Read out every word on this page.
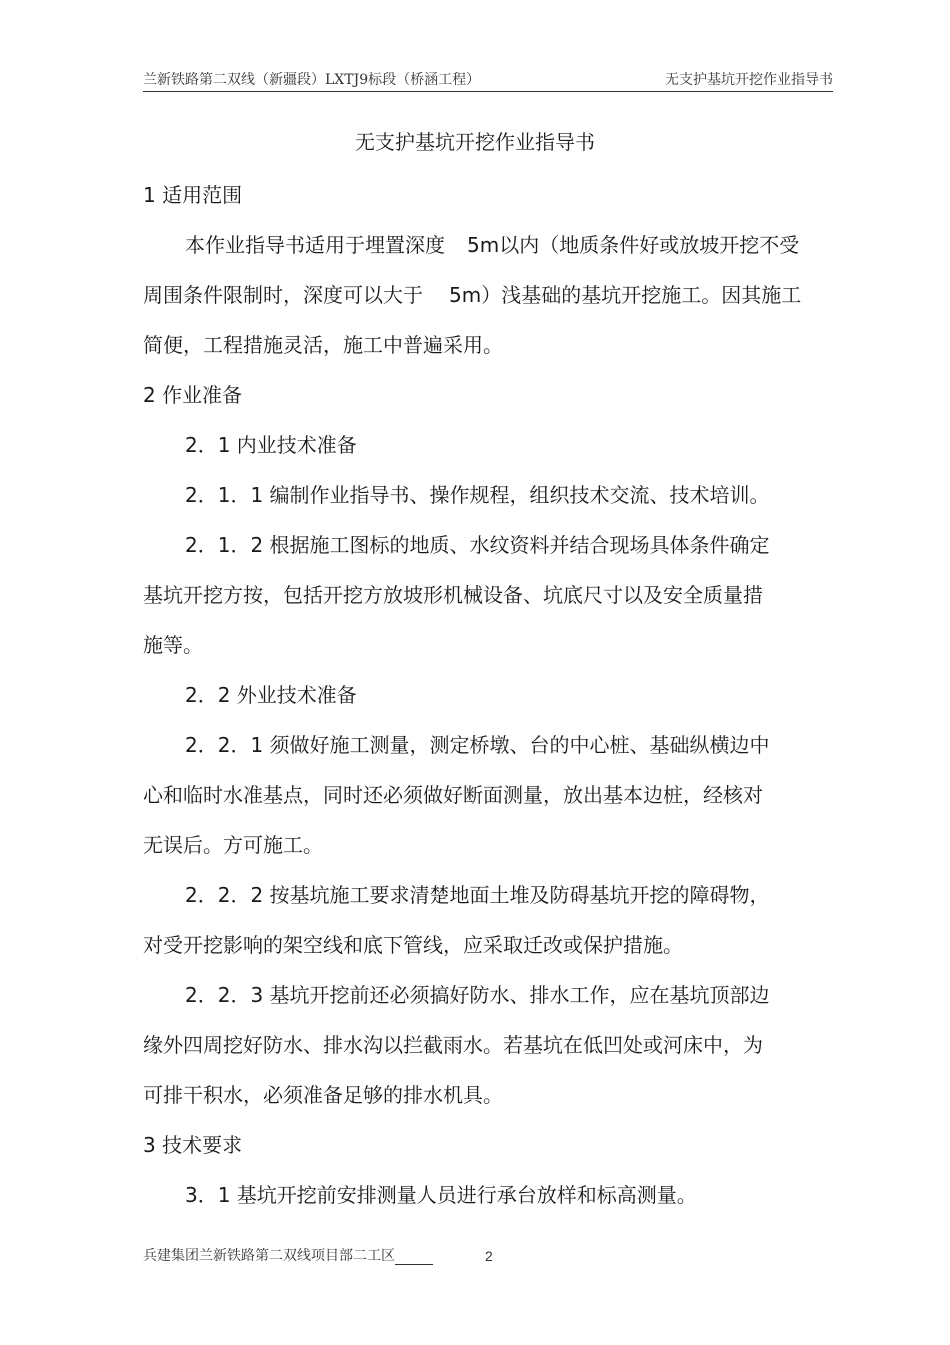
兰新铁路第二双线（新疆段）LXTJ9标段（桥涵工程）	无支护基坑开挖作业指导书
无支护基坑开挖作业指导书
1 适用范围
本作业指导书适用于埋置深度 5m以内（地质条件好或放坡开挖不受
周围条件限制时，深度可以大于 5m）浅基础的基坑开挖施工。因其施工
简便，工程措施灵活，施工中普遍采用。
2 作业准备
2．1 内业技术准备
2．1．1 编制作业指导书、操作规程，组织技术交流、技术培训。
2．1．2 根据施工图标的地质、水纹资料并结合现场具体条件确定
基坑开挖方按，包括开挖方放坡形机械设备、坑底尺寸以及安全质量措
施等。
2．2 外业技术准备
2．2．1 须做好施工测量，测定桥墩、台的中心桩、基础纵横边中
心和临时水准基点，同时还必须做好断面测量，放出基本边桩，经核对
无误后。方可施工。
2．2．2 按基坑施工要求清楚地面土堆及防碍基坑开挖的障碍物，
对受开挖影响的架空线和底下管线，应采取迁改或保护措施。
2．2．3 基坑开挖前还必须搞好防水、排水工作，应在基坑顶部边
缘外四周挖好防水、排水沟以拦截雨水。若基坑在低凹处或河床中，为
可排干积水，必须准备足够的排水机具。
3 技术要求
3．1 基坑开挖前安排测量人员进行承台放样和标高测量。
兵建集团兰新铁路第二双线项目部二工区	2
